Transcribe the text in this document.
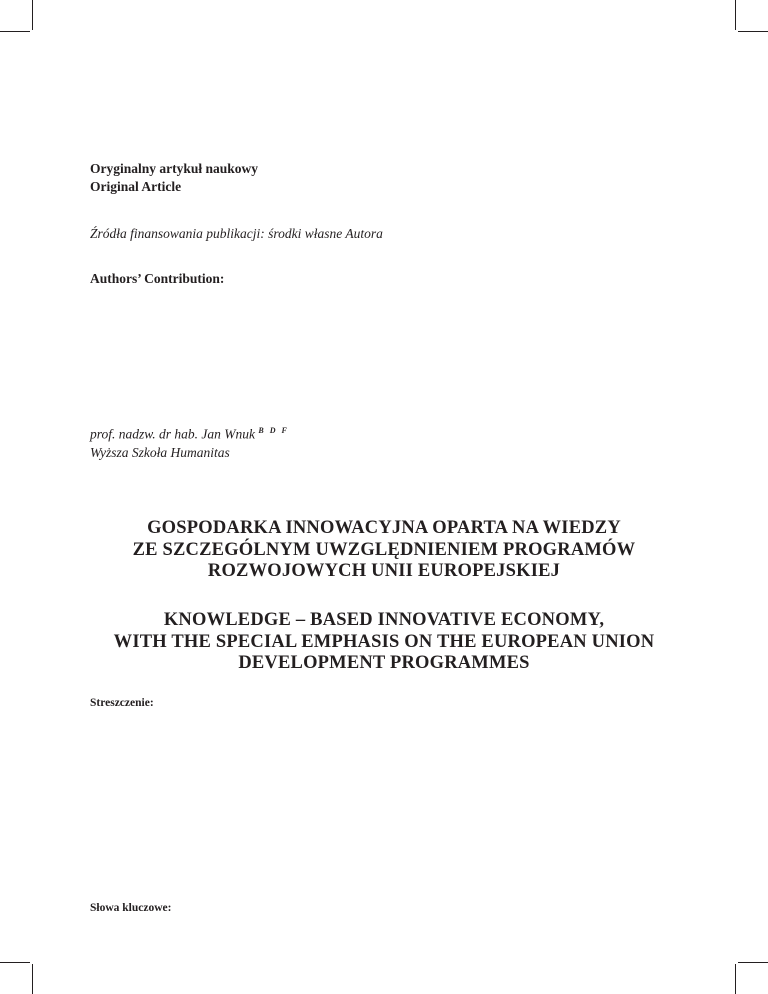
Oryginalny artykuł naukowy
Original Article
Źródła finansowania publikacji: środki własne Autora
Authors’ Contribution:
prof. nadzw. dr hab. Jan Wnuk $^{B D F}$
Wyższa Szkoła Humanitas
GOSPODARKA INNOWACYJNA OPARTA NA WIEDZY
ZE SZCZEGÓLNYM UWZGLĘDNIENIEM PROGRAMÓW
ROZWOJOWYCH UNII EUROPEJSKIEJ
KNOWLEDGE – BASED INNOVATIVE ECONOMY,
WITH THE SPECIAL EMPHASIS ON THE EUROPEAN UNION
DEVELOPMENT PROGRAMMES
Streszczenie:
Słowa kluczowe:
